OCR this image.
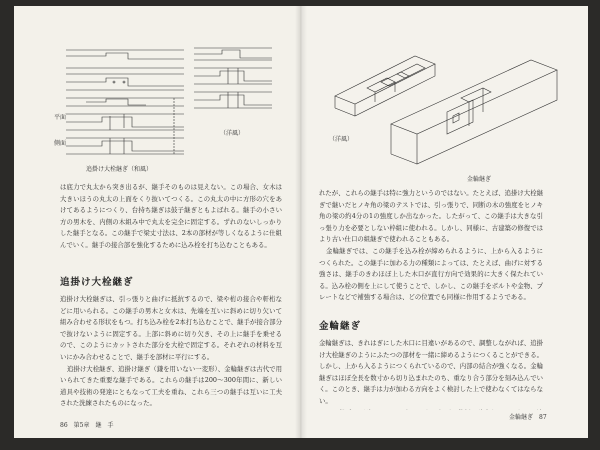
平面
側面
追掛け大栓継ぎ（和風）
（洋風）

は底力で丸太から突き出るが、継手そのものは見えない。この場合、女木は大きいほうの丸太の上面をくり抜いてつくる。この丸太の中に方形の穴をあけてあるようにつくり、台持ち継ぎは鼓子継ぎともよばれる。継手の小さい方の男木を、内側の木組み中で丸太を完全に固定する。ずれのないしっかりした継手となる。この継手で梁丈寸法は、2本の部材が等しくなるように仕組んでいく。継手の接合部を強化するために込み栓を打ち込むこともある。

追掛け大栓継ぎ

追掛け大栓継ぎは、引っ張りと曲げに抵抗するので、梁や桁の接合や軒桁などに用いられる。この継手の男木と女木は、先端を互いに斜めに切り欠いて組み合わせる形状をもつ。打ち込み栓を2本打ち込むことで、継手が接合部分で抜けないように固定する。上部に斜めに切り欠き、その上に継手を乗せるので、このようにカットされた部分を大栓で固定する。それぞれの材料を互いにかみ合わせることで、継手を部材に平行にする。

追掛け大栓継ぎ、追掛け継ぎ（鎌を用いない一変形）、金輪継ぎは古代で用いられてきた重要な継手である。これらの継手は200〜300年間に、新しい道具や技術の発達にともなって工夫を重ね、これら三つの継手は互いに工夫された洗練されたものになった。

86　第5章　継　手
（洋風）
金輪継ぎ

れたが、これらの継手は特に強力というのではない。たとえば、追掛け大栓継ぎで継いだヒノキ角の梁のテストでは、引っ張りで、同断の木の強度をヒノキ角の梁の約4分の1の強度しか出なかった。したがって、この継手は大きな引っ張り力を必要としない枠組に使われる。しかし、同様に、古建築の修復ではより古い仕口の組継ぎで使われることもある。

金輪継ぎでは、この継手を込み栓が締められるように、上から入るようにつくられた。この継手に加わる力の種類によっては、たとえば、曲げに対する強さは、継手のきわほぼ上した木口が直行方向で効果的に大きく保たれている。込み栓の側を上にして使うことで、しかし、この継手をボルトや金物、プレートなどで補強する場合は、どの位置でも同様に作用するようである。

金輪継ぎ

金輪継ぎは、きれはぎにした木口に目違いがあるので、調整しながれば、追掛け大栓継ぎのようにふたつの部材を一緒に締めるようにつくることができる。しかし、上から入るようにつくられているので、内部の結合が強くなる。金輪継ぎはほぼ全長を数寸から切り込まれたのち、重なり合う部分を刻み込んでいく。このとき、継手は力が加わる方向をよく検討した上で使わなくてはならない。

金輪継ぎ　87
